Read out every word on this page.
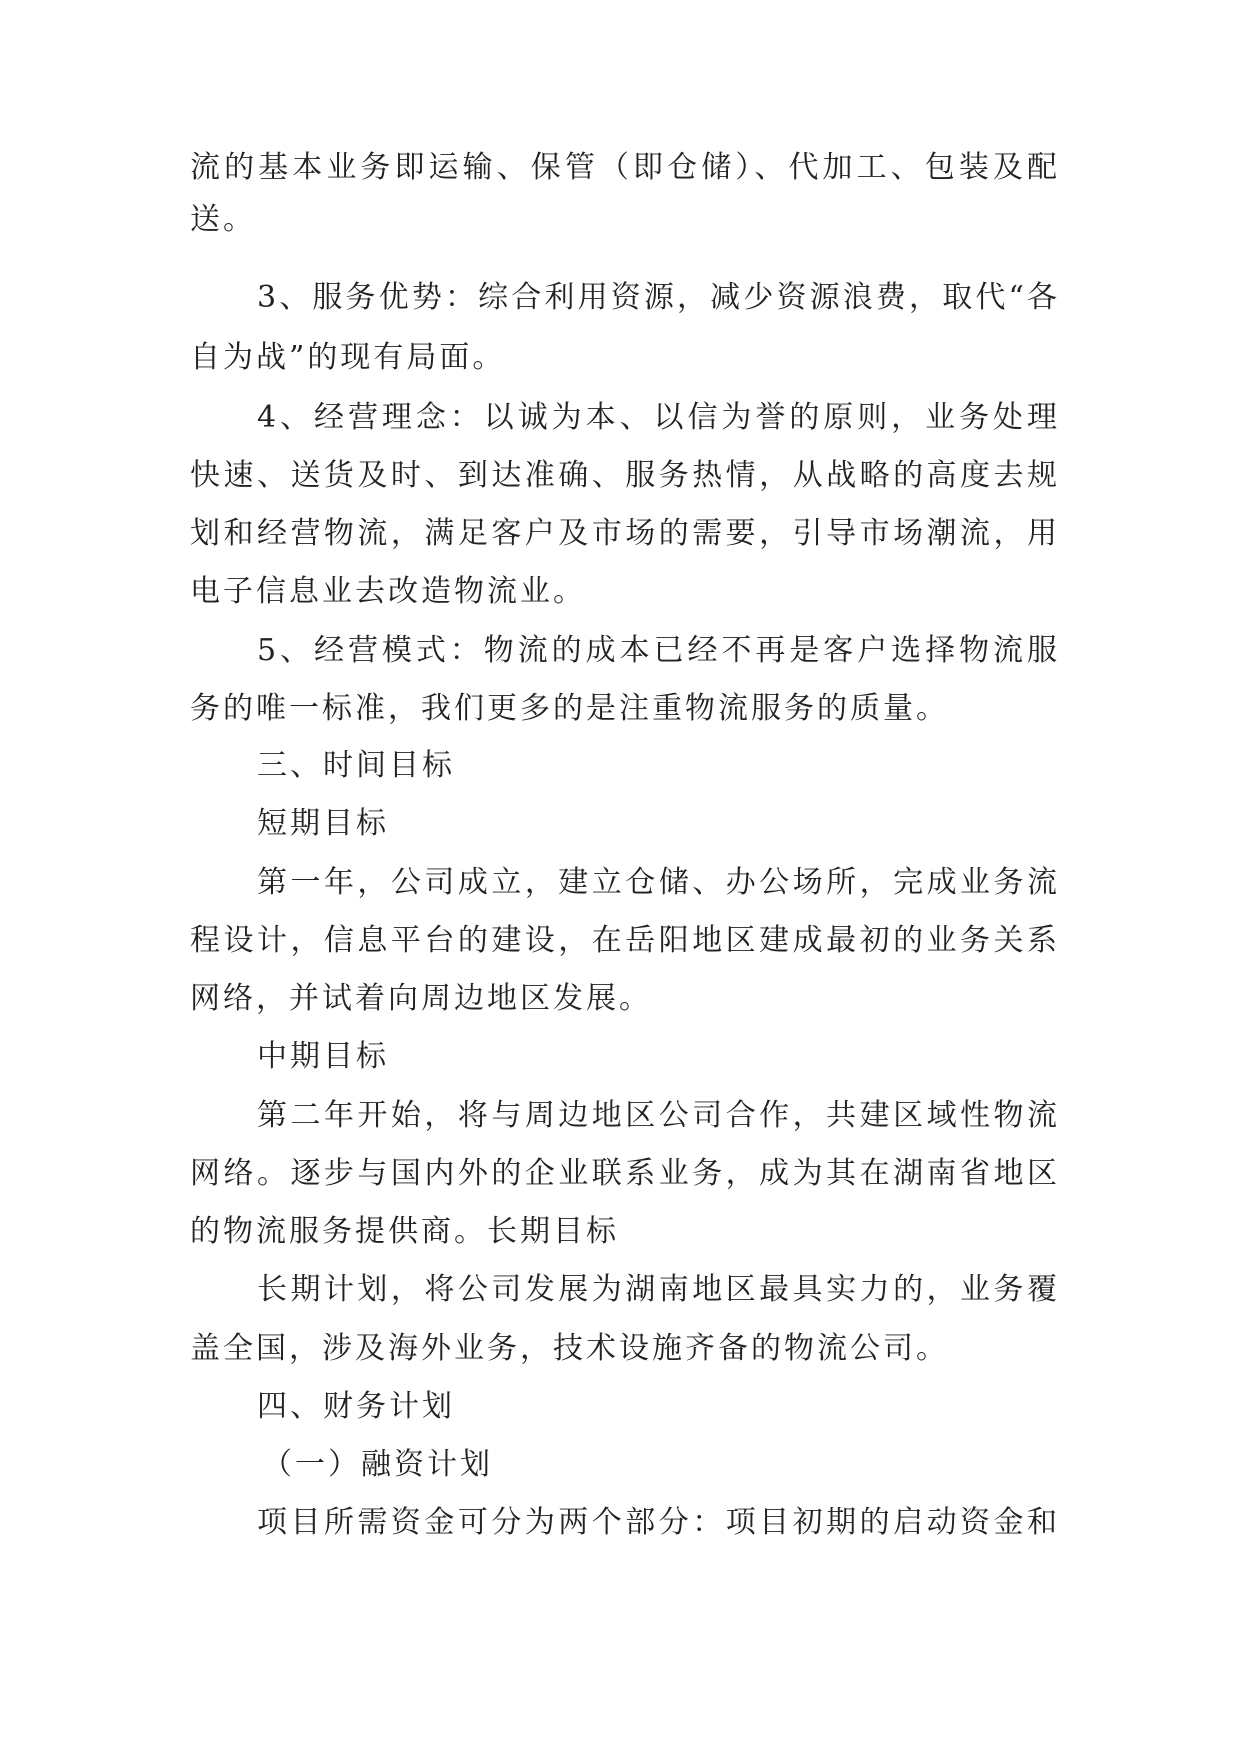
流的基本业务即运输、保管（即仓储）、代加工、包装及配
送。
3、服务优势：综合利用资源，减少资源浪费，取代“各
自为战”的现有局面。
4、经营理念：以诚为本、以信为誉的原则，业务处理
快速、送货及时、到达准确、服务热情，从战略的高度去规
划和经营物流，满足客户及市场的需要，引导市场潮流，用
电子信息业去改造物流业。
5、经营模式：物流的成本已经不再是客户选择物流服
务的唯一标准，我们更多的是注重物流服务的质量。
三、时间目标
短期目标
第一年，公司成立，建立仓储、办公场所，完成业务流
程设计，信息平台的建设，在岳阳地区建成最初的业务关系
网络，并试着向周边地区发展。
中期目标
第二年开始，将与周边地区公司合作，共建区域性物流
网络。逐步与国内外的企业联系业务，成为其在湖南省地区
的物流服务提供商。长期目标
长期计划，将公司发展为湖南地区最具实力的，业务覆
盖全国，涉及海外业务，技术设施齐备的物流公司。
四、财务计划
（一）融资计划
项目所需资金可分为两个部分：项目初期的启动资金和
